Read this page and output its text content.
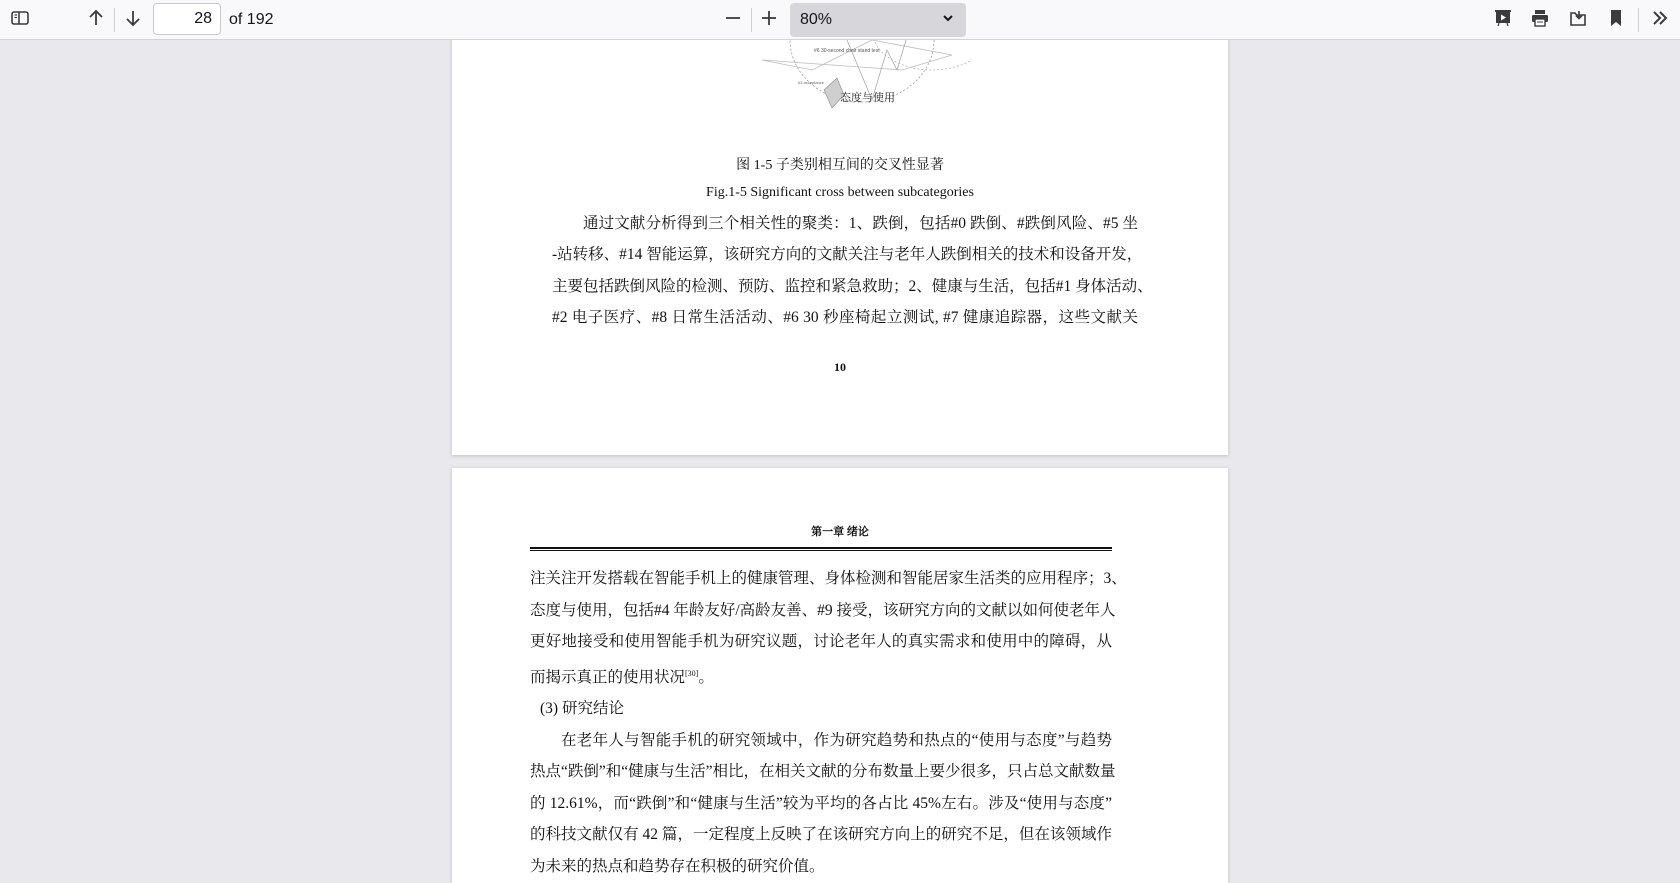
28
of 192	80%
#6 30-second chair stand test
#3 acceptance
态度与使用
图 1-5 子类别相互间的交叉性显著
Fig.1-5 Significant cross between subcategories
通过文献分析得到三个相关性的聚类：1、跌倒，包括#0 跌倒、#跌倒风险、#5 坐
-站转移、#14 智能运算，该研究方向的文献关注与老年人跌倒相关的技术和设备开发，
主要包括跌倒风险的检测、预防、监控和紧急救助；2、健康与生活，包括#1 身体活动、
#2 电子医疗、#8 日常生活活动、#6 30 秒座椅起立测试, #7 健康追踪器，这些文献关
10
第一章 绪论
注关注开发搭载在智能手机上的健康管理、身体检测和智能居家生活类的应用程序；3、
态度与使用，包括#4 年龄友好/高龄友善、#9 接受，该研究方向的文献以如何使老年人
更好地接受和使用智能手机为研究议题，讨论老年人的真实需求和使用中的障碍，从
而揭示真正的使用状况[30]。
(3) 研究结论
在老年人与智能手机的研究领域中，作为研究趋势和热点的“使用与态度”与趋势
热点“跌倒”和“健康与生活”相比，在相关文献的分布数量上要少很多，只占总文献数量
的 12.61%，而“跌倒”和“健康与生活”较为平均的各占比 45%左右。涉及“使用与态度”
的科技文献仅有 42 篇，一定程度上反映了在该研究方向上的研究不足，但在该领域作
为未来的热点和趋势存在积极的研究价值。
